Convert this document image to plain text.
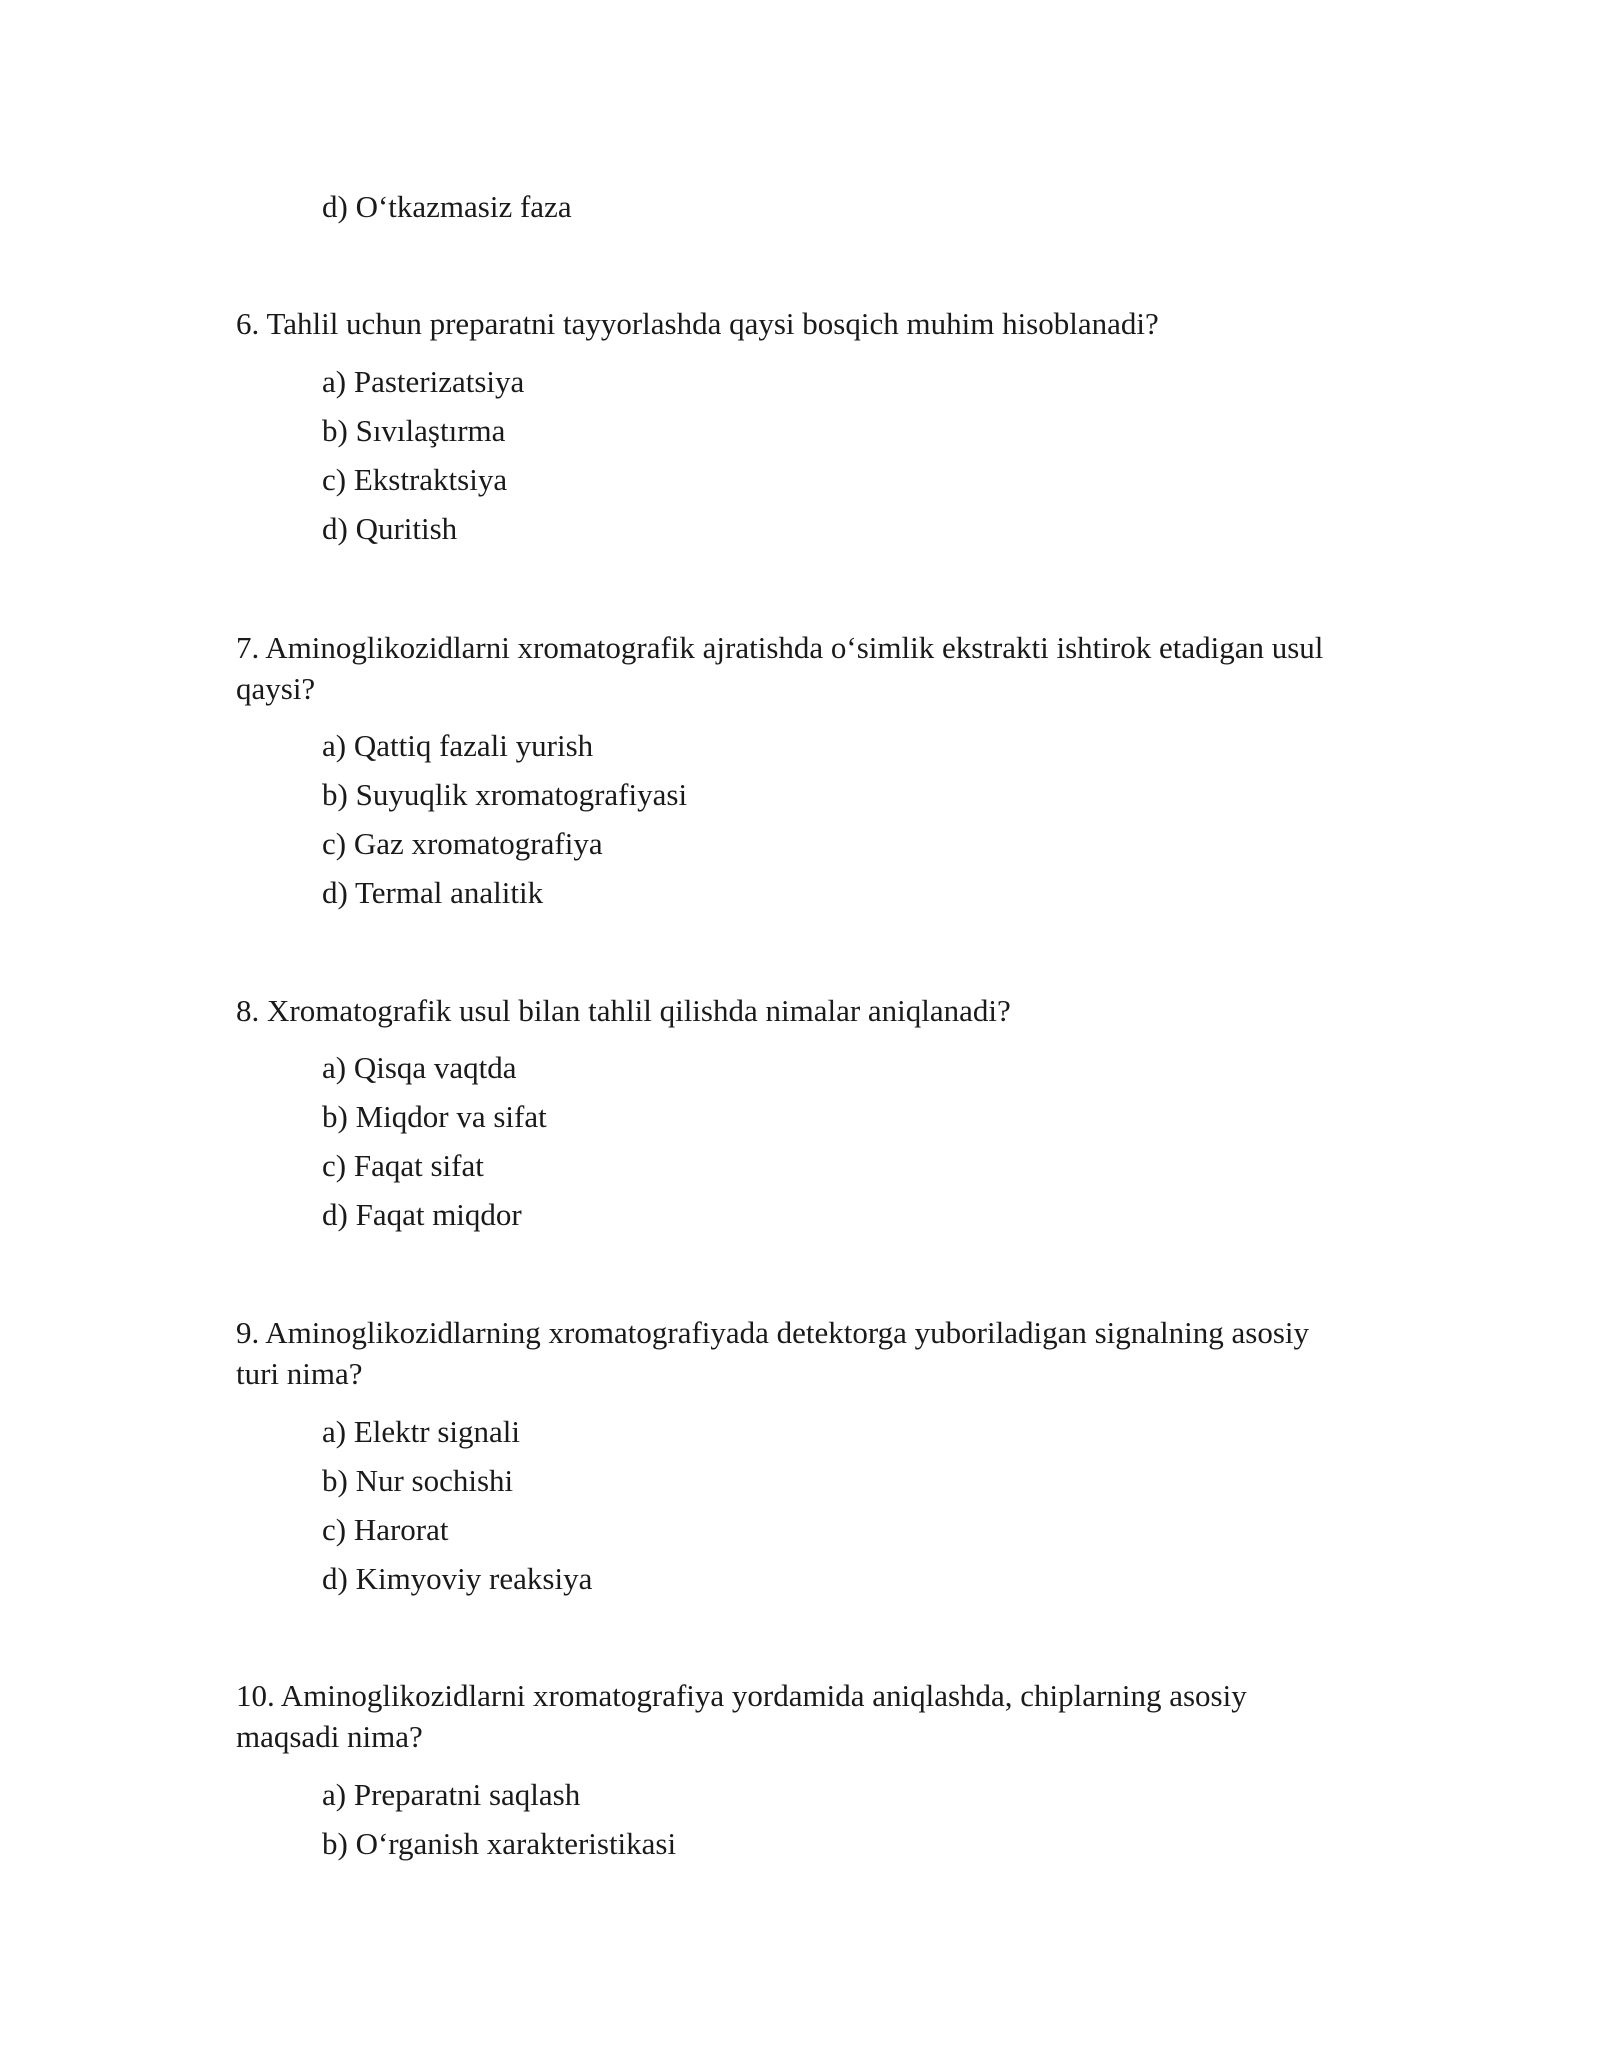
d) O‘tkazmasiz faza
6. Tahlil uchun preparatni tayyorlashda qaysi bosqich muhim hisoblanadi?
a) Pasterizatsiya
b) Sıvılaştırma
c) Ekstraktsiya
d) Quritish
7. Aminoglikozidlarni xromatografik ajratishda o‘simlik ekstrakti ishtirok etadigan usul
qaysi?
a) Qattiq fazali yurish
b) Suyuqlik xromatografiyasi
c) Gaz xromatografiya
d) Termal analitik
8. Xromatografik usul bilan tahlil qilishda nimalar aniqlanadi?
a) Qisqa vaqtda
b) Miqdor va sifat
c) Faqat sifat
d) Faqat miqdor
9. Aminoglikozidlarning xromatografiyada detektorga yuboriladigan signalning asosiy
turi nima?
a) Elektr signali
b) Nur sochishi
c) Harorat
d) Kimyoviy reaksiya
10. Aminoglikozidlarni xromatografiya yordamida aniqlashda, chiplarning asosiy
maqsadi nima?
a) Preparatni saqlash
b) O‘rganish xarakteristikasi
